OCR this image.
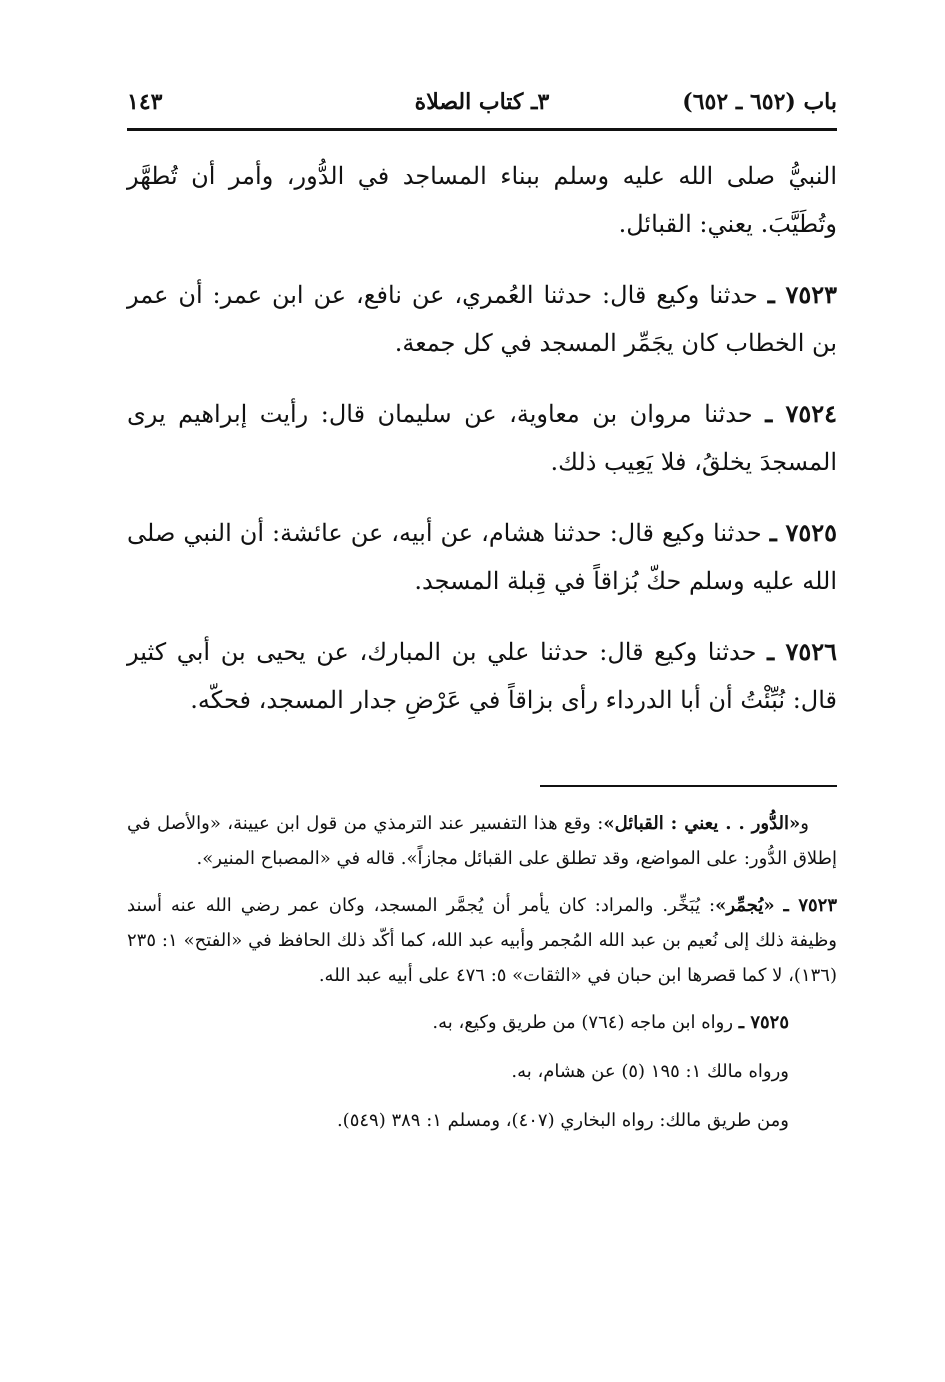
باب (٦٥٢ ـ ٦٥٢)
٣ـ كتاب الصلاة
١٤٣

النبيُّ صلى الله عليه وسلم ببناء المساجد في الدُّور، وأمر أن تُطهَّر وتُطَيَّبَ. يعني: القبائل.

٧٥٢٣ ـ حدثنا وكيع قال: حدثنا العُمري، عن نافع، عن ابن عمر: أن عمر بن الخطاب كان يجَمِّر المسجد في كل جمعة.

٧٥٢٤ ـ حدثنا مروان بن معاوية، عن سليمان قال: رأيت إبراهيم يرى المسجدَ يخلقُ، فلا يَعِيب ذلك.

٧٥٢٥ ـ حدثنا وكيع قال: حدثنا هشام، عن أبيه، عن عائشة: أن النبي صلى الله عليه وسلم حكّ بُزاقاً في قِبلة المسجد.

٧٥٢٦ ـ حدثنا وكيع قال: حدثنا علي بن المبارك، عن يحيى بن أبي كثير قال: نُبِّئْتُ أن أبا الدرداء رأى بزاقاً في عَرْضِ جدار المسجد، فحكّه.

و«الدُّور . . يعني : القبائل»: وقع هذا التفسير عند الترمذي من قول ابن عيينة، «والأصل في إطلاق الدُّور: على المواضع، وقد تطلق على القبائل مجازاً». قاله في «المصباح المنير».

٧٥٢٣ ـ «يُجمِّر»: يُبَخِّر. والمراد: كان يأمر أن يُجمَّر المسجد، وكان عمر رضي الله عنه أسند وظيفة ذلك إلى نُعيم بن عبد الله المُجمر وأبيه عبد الله، كما أكّد ذلك الحافظ في «الفتح» ١: ٢٣٥ (١٣٦)، لا كما قصرها ابن حبان في «الثقات» ٥: ٤٧٦ على أبيه عبد الله.

٧٥٢٥ ـ رواه ابن ماجه (٧٦٤) من طريق وكيع، به.

ورواه مالك ١: ١٩٥ (٥) عن هشام، به.

ومن طريق مالك: رواه البخاري (٤٠٧)، ومسلم ١: ٣٨٩ (٥٤٩).
